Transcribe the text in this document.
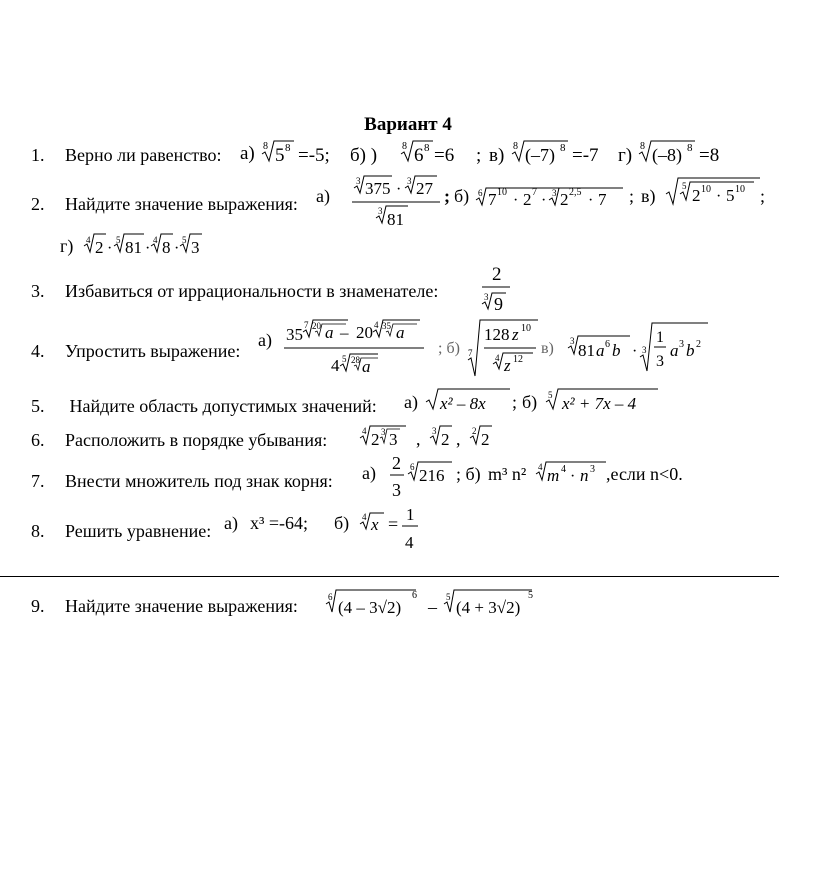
Вариант 4
1. Верно ли равенство: а) 8 5 8 =-5; б) ) 8 6 8 =6 ; в) 8 (–7) 8 =-7 г) 8 (–8) 8 =8
2. Найдите значение выражения: а)
3 375 · 3 27
3 81
; б) 6 7 10 · 2 7 · 3 2 2,5 · 7 ; в)	5 2 10 · 5 10 ;
г) 4 2 · 5 81 · 4 8 · 5 3
3. Избавиться от иррациональности в знаменателе:
2
3 9
4. Упростить выражение:
а) 35 7 20 a – 20 4 35 a
4 5 28 a
; б) 7
128 z 10
4 z 12
в) 3 81 a 6 b · 3
1
3
a 3 b 2
5. Найдите область допустимых значений: а) x² – 8x ; б) 5 x² + 7x – 4
6. Расположить в порядке убывания:	4 2 3 3 , 3 2 , 2 2
7. Внести множитель под знак корня: а) 2
3
6 216 ; б) m³ n² 4 m 4 · n 3 ,если n<0.
8. Решить уравнение: а) x³ =-64; б) 4 x = 1
4
9. Найдите значение выражения:	6
(4 – 3√2)
6
– 5
(4 + 3√2)
5
